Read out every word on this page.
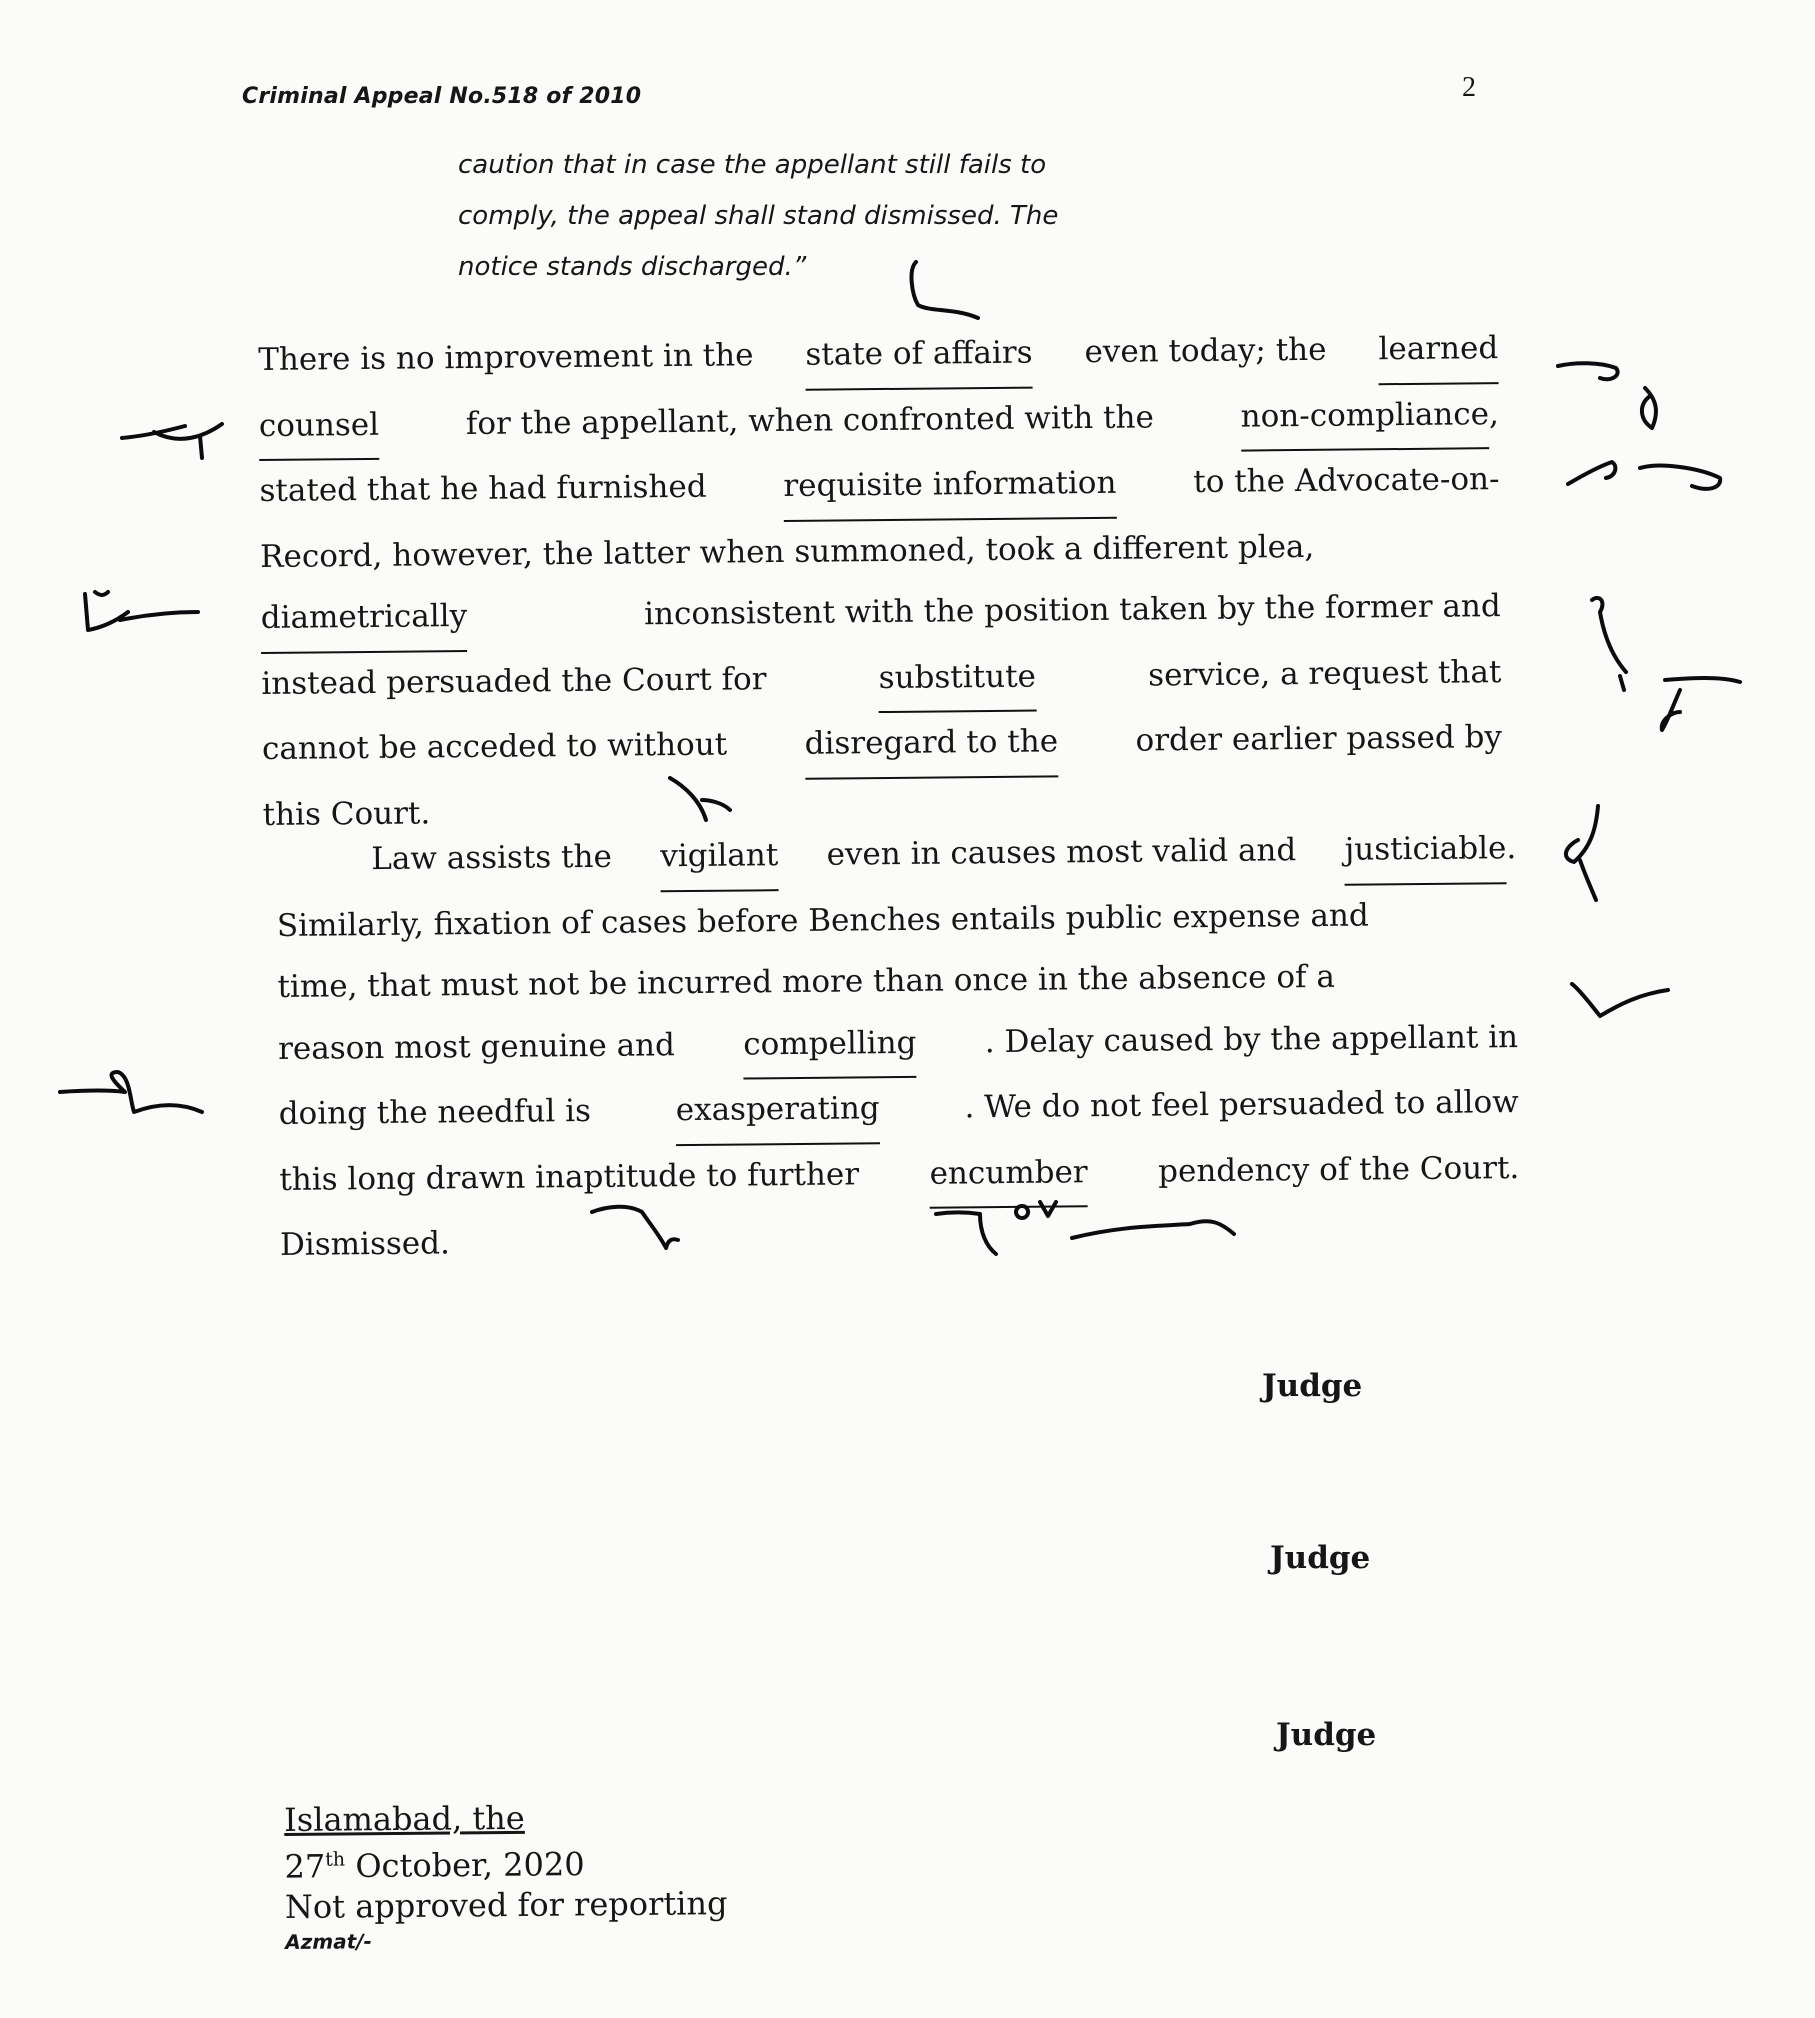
Criminal Appeal No.518 of 2010	2
caution that in case the appellant still fails to
comply, the appeal shall stand dismissed. The
notice stands discharged.”
There is no improvement in the state of affairs even today; the learned
counsel	for the appellant, when confronted with the	non-compliance,
stated that he had furnished requisite information to the Advocate-on-
Record, however, the latter when summoned, took a different plea,
diametrically	inconsistent with the position taken by the former and
instead persuaded the Court for	substitute	service, a request that
cannot be acceded to without disregard to the order earlier passed by
this Court.
Law assists the vigilant even in causes most valid and justiciable.
Similarly, fixation of cases before Benches entails public expense and
time, that must not be incurred more than once in the absence of a
reason most genuine and compelling . Delay caused by the appellant in
doing the needful is	exasperating	. We do not feel persuaded to allow
this long drawn inaptitude to further encumber pendency of the Court.
Dismissed.
Judge
Judge
Judge
Islamabad, the
27th October, 2020
Not approved for reporting
Azmat/-
